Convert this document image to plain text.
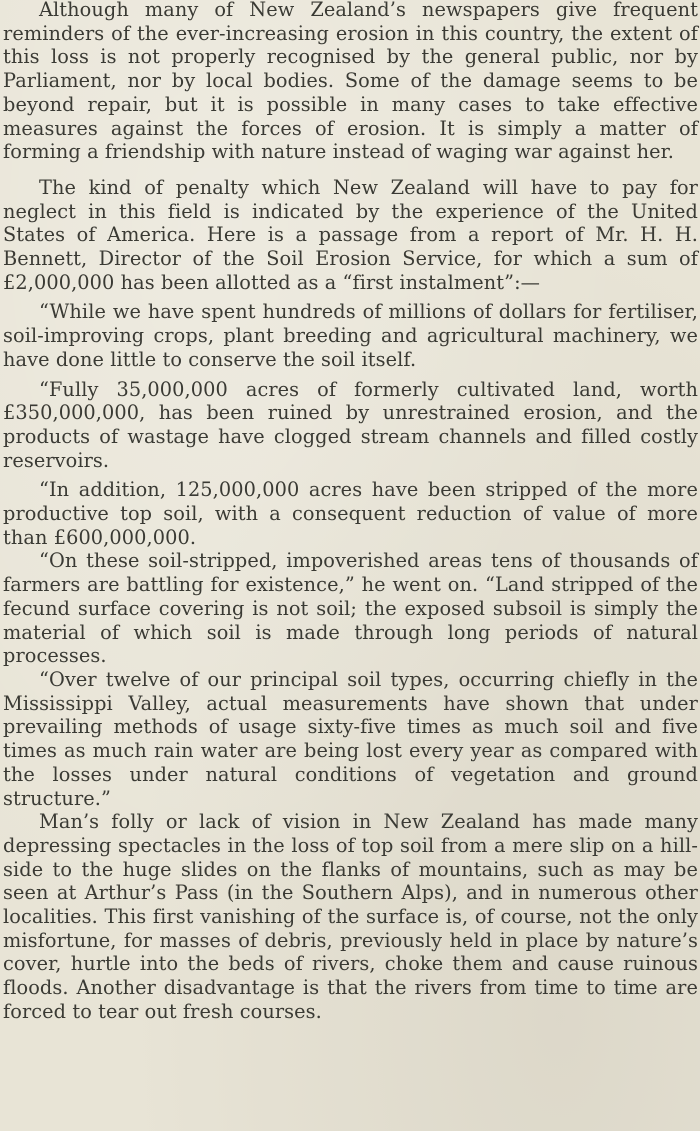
Although many of New Zealand’s newspapers give frequent reminders of the ever-increasing erosion in this country, the extent of this loss is not properly recognised by the general public, nor by Parliament, nor by local bodies. Some of the damage seems to be beyond repair, but it is possible in many cases to take effective measures against the forces of erosion. It is simply a matter of forming a friendship with nature instead of waging war against her.

The kind of penalty which New Zealand will have to pay for neglect in this field is indicated by the experience of the United States of America. Here is a passage from a report of Mr. H. H. Bennett, Director of the Soil Erosion Service, for which a sum of £2,000,000 has been allotted as a “first instalment”:—

“While we have spent hundreds of millions of dollars for fertiliser, soil-improving crops, plant breeding and agricultural machinery, we have done little to conserve the soil itself.

“Fully 35,000,000 acres of formerly cultivated land, worth £350,000,000, has been ruined by unrestrained erosion, and the products of wastage have clogged stream channels and filled costly reservoirs.

“In addition, 125,000,000 acres have been stripped of the more productive top soil, with a consequent reduction of value of more than £600,000,000.

“On these soil-stripped, impoverished areas tens of thousands of farmers are battling for existence,” he went on. “Land stripped of the fecund surface covering is not soil; the exposed subsoil is simply the material of which soil is made through long periods of natural processes.

“Over twelve of our principal soil types, occurring chiefly in the Mississippi Valley, actual measurements have shown that under prevailing methods of usage sixty-five times as much soil and five times as much rain water are being lost every year as compared with the losses under natural conditions of vegetation and ground structure.”

Man’s folly or lack of vision in New Zealand has made many depressing spectacles in the loss of top soil from a mere slip on a hill-side to the huge slides on the flanks of mountains, such as may be seen at Arthur’s Pass (in the Southern Alps), and in numerous other localities. This first vanishing of the surface is, of course, not the only misfortune, for masses of debris, previously held in place by nature’s cover, hurtle into the beds of rivers, choke them and cause ruinous floods. Another disadvantage is that the rivers from time to time are forced to tear out fresh courses.
